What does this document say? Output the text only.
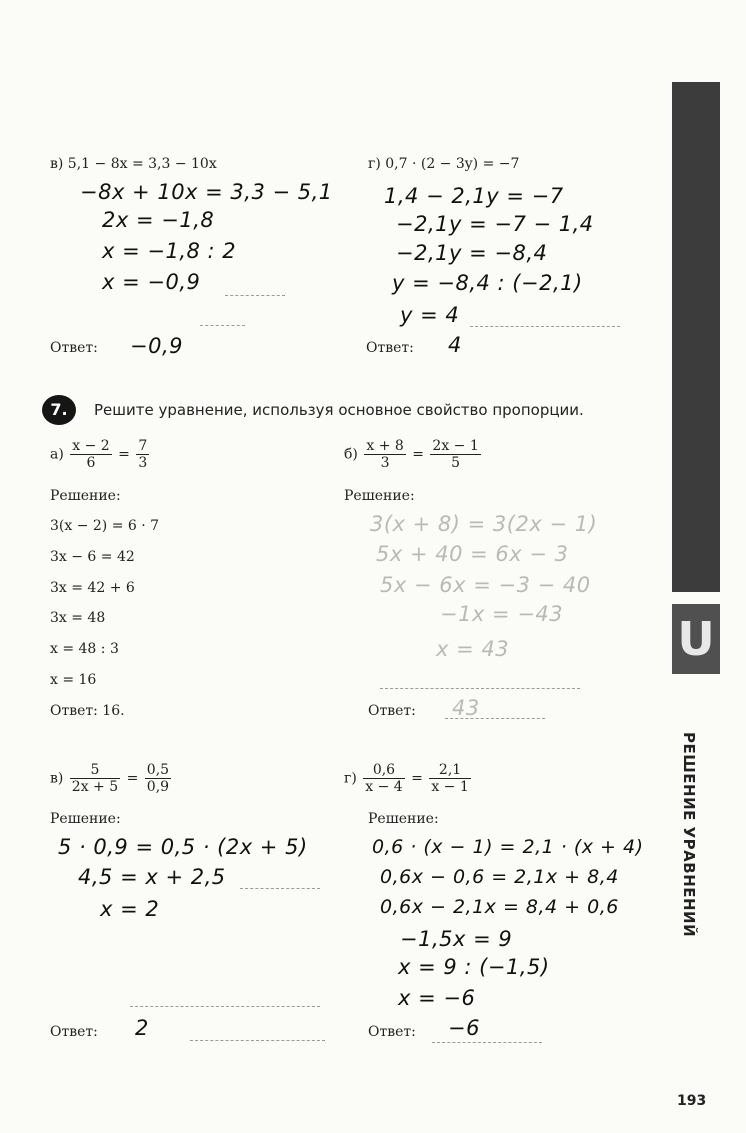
в) 5,1 − 8x = 3,3 − 10x
−8x + 10x = 3,3 − 5,1
2x = −1,8
x = −1,8 : 2
x = −0,9
Ответ: −0,9
г) 0,7 · (2 − 3y) = −7
1,4 − 2,1y = −7
−2,1y = −7 − 1,4
−2,1y = −8,4
y = −8,4 : (−2,1)
y = 4
Ответ: 4
7.	Решите уравнение, используя основное свойство пропорции.
$а) \frac{x - 2}{6} = \frac{7}{3}$
Решение:
3(x − 2) = 6 · 7
3x − 6 = 42
3x = 42 + 6
3x = 48
x = 48 : 3
x = 16
Ответ: 16.
$б) \frac{x + 8}{3} = \frac{2x - 1}{5}$
Решение:
3(x + 8) = 3(2x − 1)
5x + 40 = 6x − 3
5x − 6x = −3 − 40
−1x = −43
x = 43
Ответ: 43
$в) \frac{5}{2x + 5} = \frac{0,5}{0,9}$
Решение:
5 · 0,9 = 0,5 · (2x + 5)
4,5 = x + 2,5
x = 2
Ответ: 2
$г) \frac{0,6}{x - 4} = \frac{2,1}{x - 1}$
Решение:
0,6 · (x − 1) = 2,1 · (x + 4)
0,6x − 0,6 = 2,1x + 8,4
0,6x − 2,1x = 8,4 + 0,6
−1,5x = 9
x = 9 : (−1,5)
x = −6
Ответ: −6
U
РЕШЕНИЕ УРАВНЕНИЙ
193
